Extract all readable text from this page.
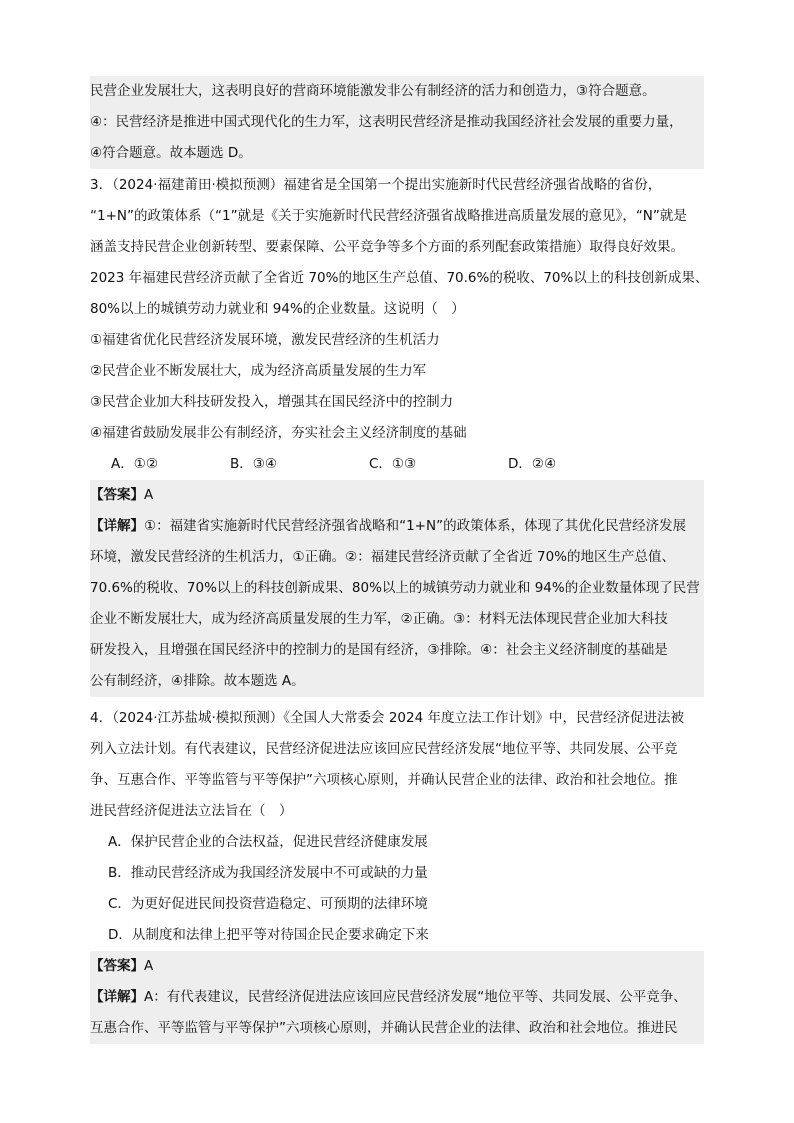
民营企业发展壮大，这表明良好的营商环境能激发非公有制经济的活力和创造力，③符合题意。
④：民营经济是推进中国式现代化的生力军，这表明民营经济是推动我国经济社会发展的重要力量，
④符合题意。故本题选 D。
3．（2024·福建莆田·模拟预测）福建省是全国第一个提出实施新时代民营经济强省战略的省份，
“1+N”的政策体系（“1”就是《关于实施新时代民营经济强省战略推进高质量发展的意见》，“N”就是
涵盖支持民营企业创新转型、要素保障、公平竞争等多个方面的系列配套政策措施）取得良好效果。
2023 年福建民营经济贡献了全省近 70%的地区生产总值、70.6%的税收、70%以上的科技创新成果、
80%以上的城镇劳动力就业和 94%的企业数量。这说明（　）
①福建省优化民营经济发展环境，激发民营经济的生机活力
②民营企业不断发展壮大，成为经济高质量发展的生力军
③民营企业加大科技研发投入，增强其在国民经济中的控制力
④福建省鼓励发展非公有制经济，夯实社会主义经济制度的基础
A．①②	B．③④	C．①③	D．②④
【答案】A
【详解】①：福建省实施新时代民营经济强省战略和“1+N”的政策体系，体现了其优化民营经济发展
环境，激发民营经济的生机活力，①正确。②：福建民营经济贡献了全省近 70%的地区生产总值、
70.6%的税收、70%以上的科技创新成果、80%以上的城镇劳动力就业和 94%的企业数量体现了民营
企业不断发展壮大，成为经济高质量发展的生力军，②正确。③：材料无法体现民营企业加大科技
研发投入，且增强在国民经济中的控制力的是国有经济，③排除。④：社会主义经济制度的基础是
公有制经济，④排除。故本题选 A。
4．（2024·江苏盐城·模拟预测）《全国人大常委会 2024 年度立法工作计划》中，民营经济促进法被
列入立法计划。有代表建议，民营经济促进法应该回应民营经济发展“地位平等、共同发展、公平竞
争、互惠合作、平等监管与平等保护”六项核心原则，并确认民营企业的法律、政治和社会地位。推
进民营经济促进法立法旨在（　）
A．保护民营企业的合法权益，促进民营经济健康发展
B．推动民营经济成为我国经济发展中不可或缺的力量
C．为更好促进民间投资营造稳定、可预期的法律环境
D．从制度和法律上把平等对待国企民企要求确定下来
【答案】A
【详解】A：有代表建议，民营经济促进法应该回应民营经济发展“地位平等、共同发展、公平竞争、
互惠合作、平等监管与平等保护”六项核心原则，并确认民营企业的法律、政治和社会地位。推进民
